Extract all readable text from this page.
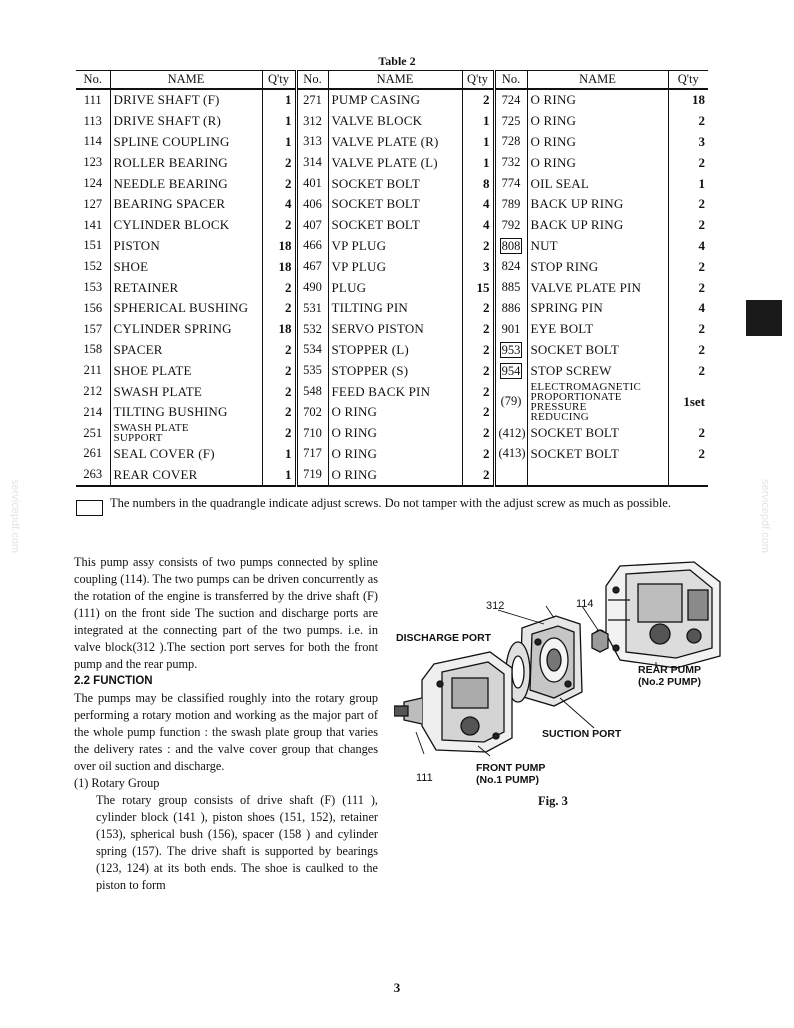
Table 2
No.	NAME	Q'ty	No.	NAME	Q'ty	No.	NAME	Q'ty
111	DRIVE SHAFT (F)	1	271	PUMP CASING	2	724	O RING	18
113	DRIVE SHAFT (R)	1	312	VALVE BLOCK	1	725	O RING	2
114	SPLINE COUPLING	1	313	VALVE PLATE (R)	1	728	O RING	3
123	ROLLER BEARING	2	314	VALVE PLATE (L)	1	732	O RING	2
124	NEEDLE BEARING	2	401	SOCKET BOLT	8	774	OIL SEAL	1
127	BEARING SPACER	4	406	SOCKET BOLT	4	789	BACK UP RING	2
141	CYLINDER BLOCK	2	407	SOCKET BOLT	4	792	BACK UP RING	2
151	PISTON	18	466	VP PLUG	2	808	NUT	4
152	SHOE	18	467	VP PLUG	3	824	STOP RING	2
153	RETAINER	2	490	PLUG	15	885	VALVE PLATE PIN	2
156	SPHERICAL BUSHING	2	531	TILTING PIN	2	886	SPRING PIN	4
157	CYLINDER SPRING	18	532	SERVO PISTON	2	901	EYE BOLT	2
158	SPACER	2	534	STOPPER (L)	2	953	SOCKET BOLT	2
211	SHOE PLATE	2	535	STOPPER (S)	2	954	STOP SCREW	2
212	SWASH PLATE	2	548	FEED BACK PIN	2	(79)	ELECTROMAGNETIC
PROPORTIONATE
PRESSURE
REDUCING	1set
214	TILTING BUSHING	2	702	O RING	2			
251	SWASH PLATE
SUPPORT	2	710	O RING	2	(412)	SOCKET BOLT	2
261	SEAL COVER (F)	1	717	O RING	2	(413)	SOCKET BOLT	2
263	REAR COVER	1	719	O RING	2			
The numbers in the quadrangle indicate adjust screws. Do not tamper with the adjust screw as much as possible.
servicepdf.com	servicepdf.com

This pump assy consists of two pumps connected by spline coupling (114). The two pumps can be driven concurrently as the rotation of the engine is transferred by the drive shaft (F) (111) on the front side The suction and discharge ports are integrated at the connecting part of the two pumps. i.e. in valve block(312 ).The section port serves for both the front pump and the rear pump.

2.2 FUNCTION

The pumps may be classified roughly into the rotary group performing a rotary motion and working as the major part of the whole pump function : the swash plate group that varies the delivery rates : and the valve cover group that changes over oil suction and discharge.

(1) Rotary Group

The rotary group consists of drive shaft (F) (111 ), cylinder block (141 ), piston shoes (151, 152), retainer (153), spherical bush (156), spacer (158 ) and cylinder spring (157). The drive shaft is supported by bearings (123, 124) at its both ends. The shoe is caulked to the piston to form

312	114
DISCHARGE PORT
REAR PUMP
(No.2 PUMP)
SUCTION PORT
111
FRONT PUMP
(No.1 PUMP)
Fig. 3
3
